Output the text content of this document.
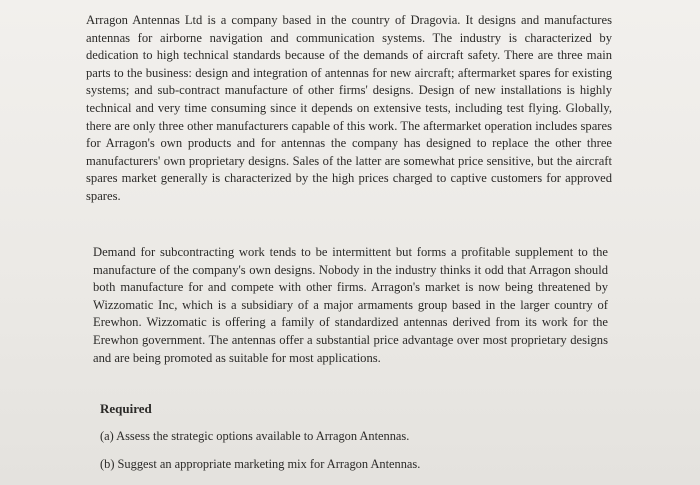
Arragon Antennas Ltd is a company based in the country of Dragovia. It designs and manufactures antennas for airborne navigation and communication systems. The industry is characterized by dedication to high technical standards because of the demands of aircraft safety. There are three main parts to the business: design and integration of antennas for new aircraft; aftermarket spares for existing systems; and sub-contract manufacture of other firms' designs. Design of new installations is highly technical and very time consuming since it depends on extensive tests, including test flying. Globally, there are only three other manufacturers capable of this work. The aftermarket operation includes spares for Arragon's own products and for antennas the company has designed to replace the other three manufacturers' own proprietary designs. Sales of the latter are somewhat price sensitive, but the aircraft spares market generally is characterized by the high prices charged to captive customers for approved spares.

Demand for subcontracting work tends to be intermittent but forms a profitable supplement to the manufacture of the company's own designs. Nobody in the industry thinks it odd that Arragon should both manufacture for and compete with other firms. Arragon's market is now being threatened by Wizzomatic Inc, which is a subsidiary of a major armaments group based in the larger country of Erewhon. Wizzomatic is offering a family of standardized antennas derived from its work for the Erewhon government. The antennas offer a substantial price advantage over most proprietary designs and are being promoted as suitable for most applications.

Required

(a) Assess the strategic options available to Arragon Antennas.

(b) Suggest an appropriate marketing mix for Arragon Antennas.
